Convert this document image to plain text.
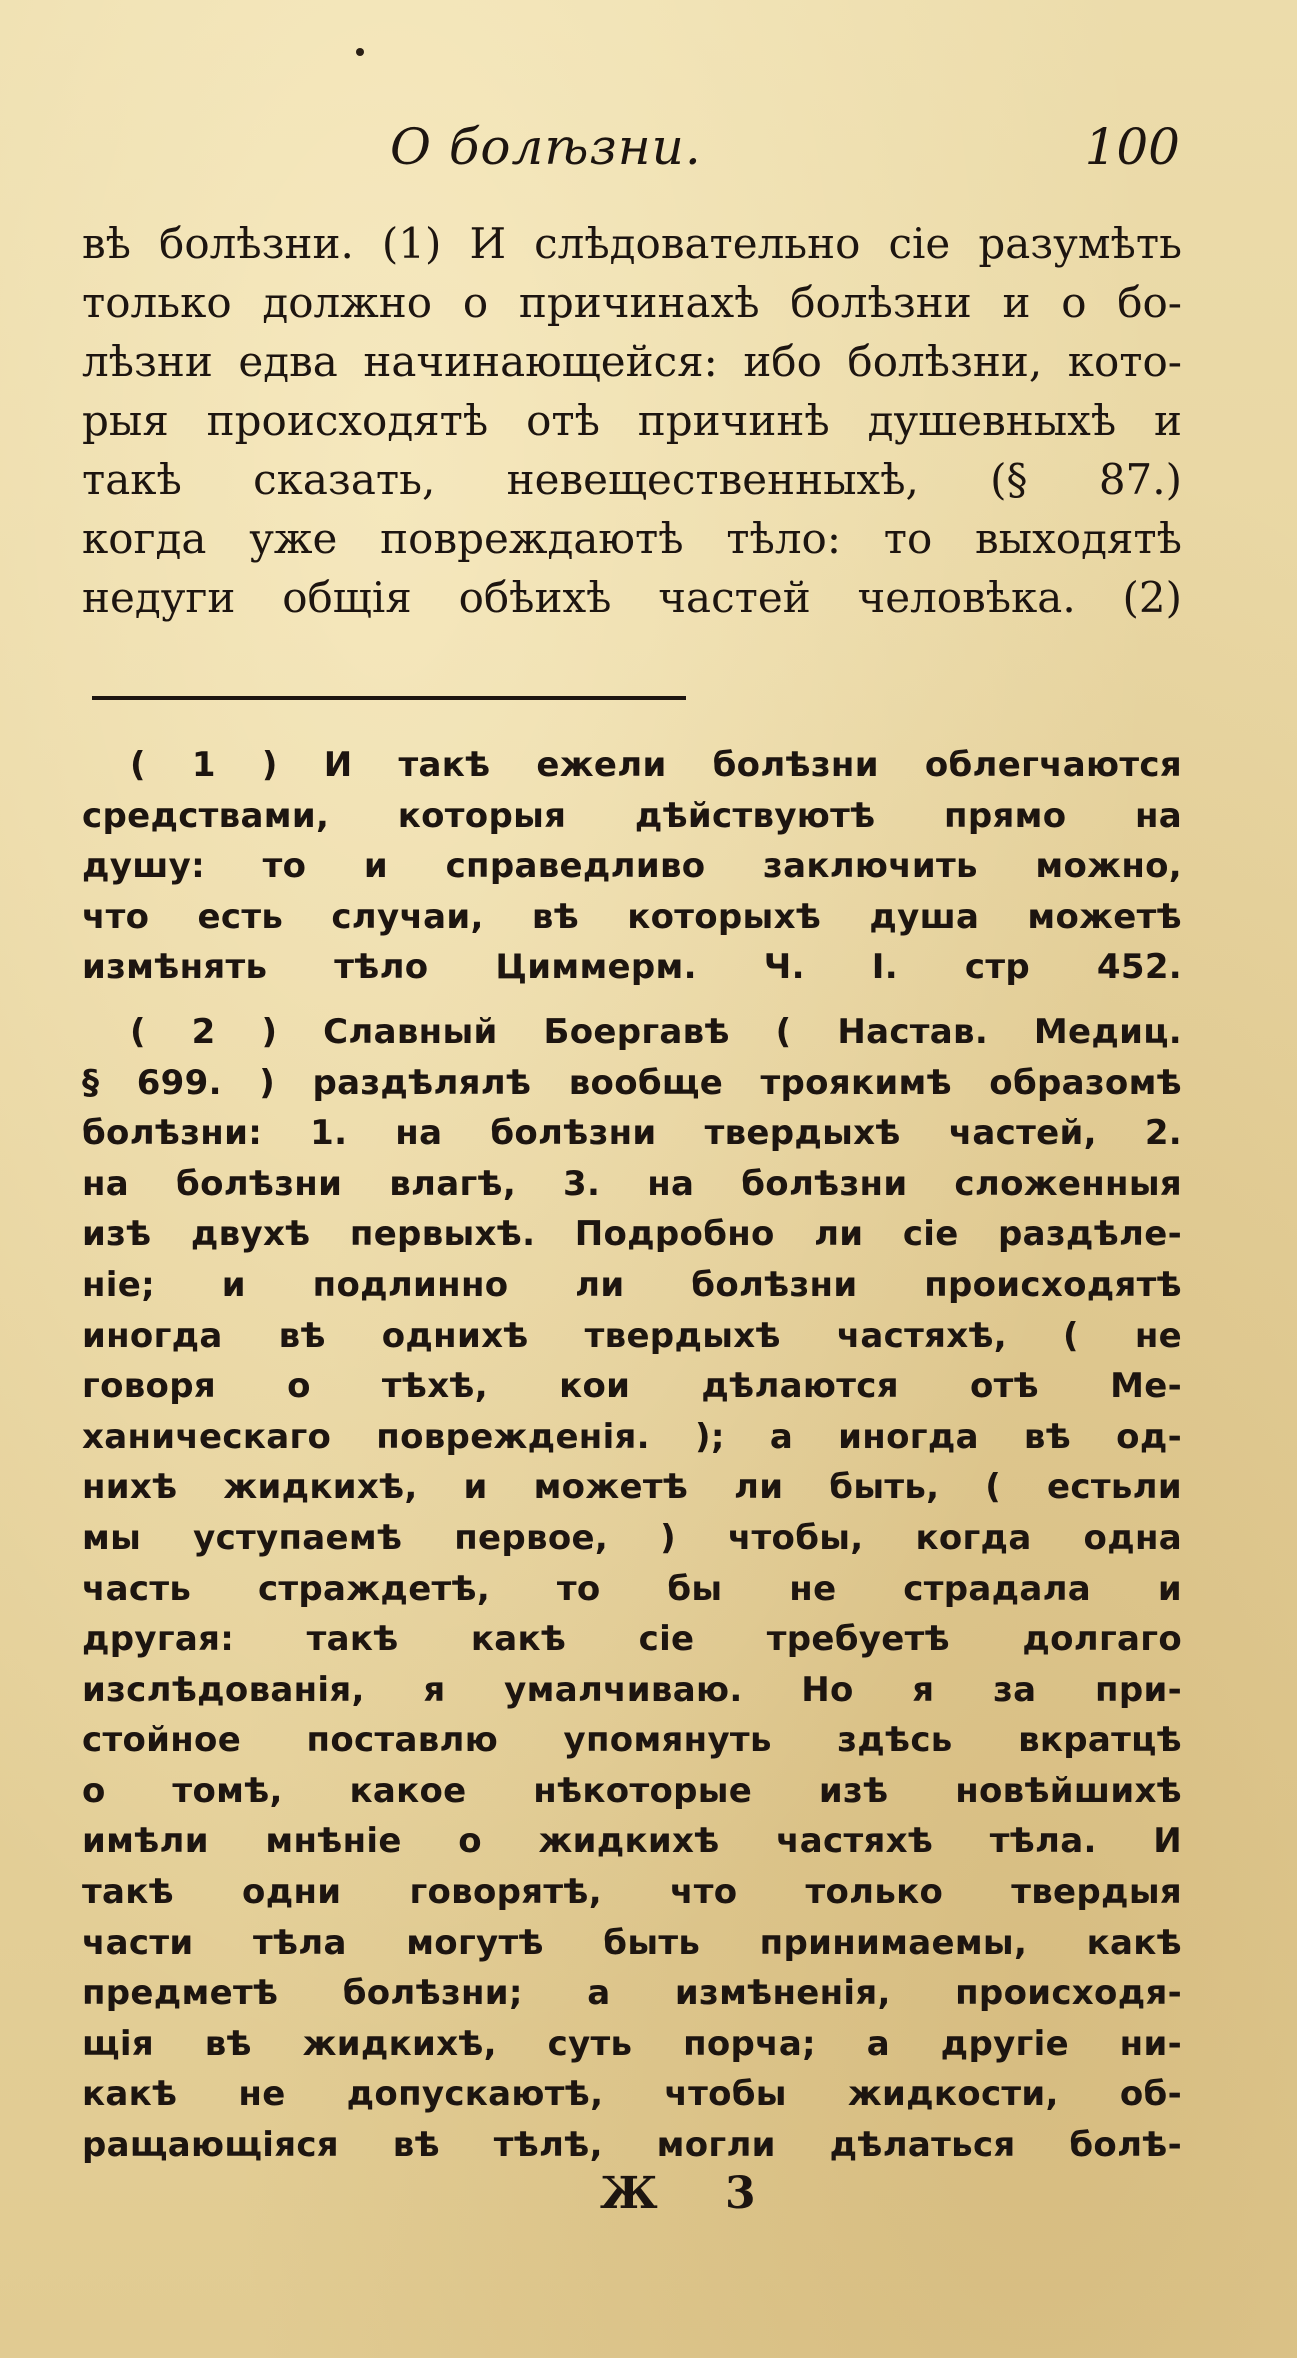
О болѣзни.	100
вѣ болѣзни. (1) И слѣдовательно сіе разумѣть
только должно о причинахѣ болѣзни и о бо-
лѣзни едва начинающейся: ибо болѣзни, кото-
рыя происходятѣ отѣ причинѣ душевныхѣ и
такѣ сказать, невещественныхѣ, (§ 87.)
когда уже повреждаютѣ тѣло: то выходятѣ
недуги общія обѣихѣ частей человѣка. (2)
( 1 ) И такѣ ежели болѣзни облегчаются
средствами, которыя дѣйствуютѣ прямо на
душу: то и справедливо заключить можно,
что есть случаи, вѣ которыхѣ душа можетѣ
измѣнять тѣло Циммерм. Ч. I. стр 452.
( 2 ) Славный Боергавѣ ( Настав. Медиц.
§ 699. ) раздѣлялѣ вообще троякимѣ образомѣ
болѣзни: 1. на болѣзни твердыхѣ частей, 2.
на болѣзни влагѣ, 3. на болѣзни сложенныя
изѣ двухѣ первыхѣ. Подробно ли сіе раздѣле-
ніе; и подлинно ли болѣзни происходятѣ
иногда вѣ однихѣ твердыхѣ частяхѣ, ( не
говоря о тѣхѣ, кои дѣлаются отѣ Ме-
ханическаго поврежденія. ); а иногда вѣ од-
нихѣ жидкихѣ, и можетѣ ли быть, ( естьли
мы уступаемѣ первое, ) чтобы, когда одна
часть страждетѣ, то бы не страдала и
другая: такѣ какѣ сіе требуетѣ долгаго
изслѣдованія, я умалчиваю. Но я за при-
стойное поставлю упомянуть здѣсь вкратцѣ
о томѣ, какое нѣкоторые изѣ новѣйшихѣ
имѣли мнѣніе о жидкихѣ частяхѣ тѣла. И
такѣ одни говорятѣ, что только твердыя
части тѣла могутѣ быть принимаемы, какѣ
предметѣ болѣзни; а измѣненія, происходя-
щія вѣ жидкихѣ, суть порча; а другіе ни-
какѣ не допускаютѣ, чтобы жидкости, об-
ращающіяся вѣ тѣлѣ, могли дѣлаться болѣ-
Ж 3
